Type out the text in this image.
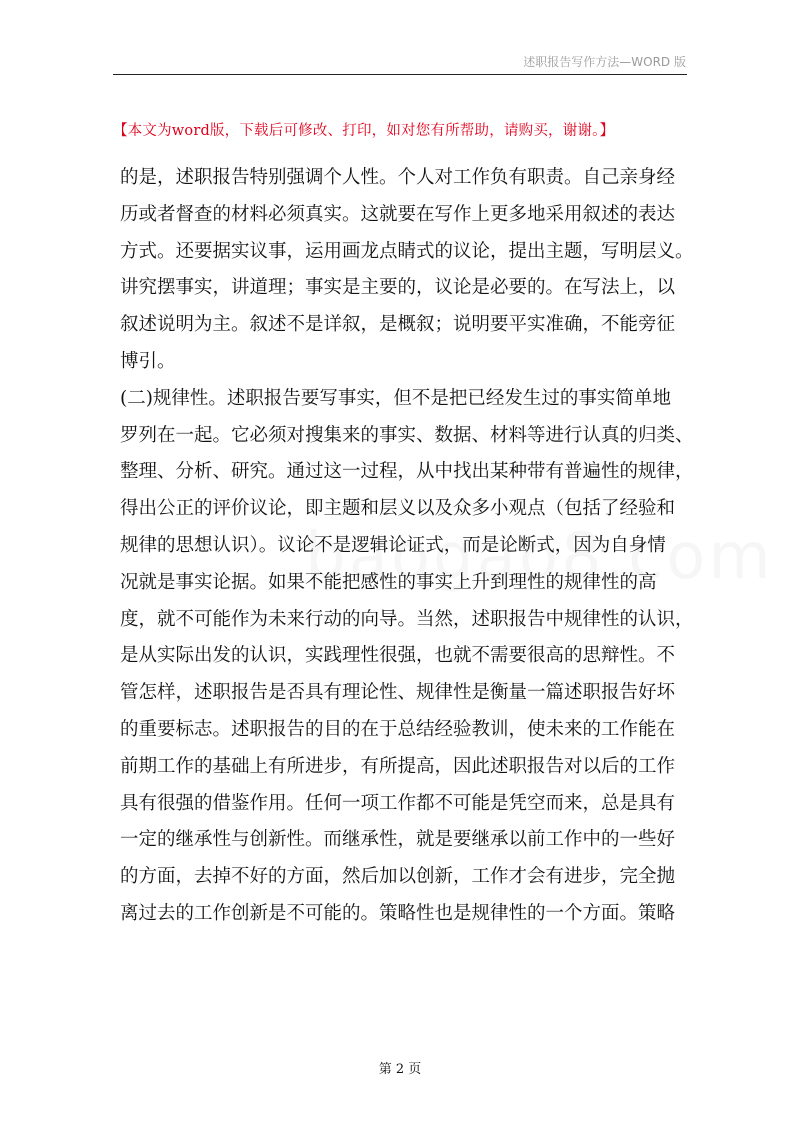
述职报告写作方法—WORD 版
【本文为word版，下载后可修改、打印，如对您有所帮助，请购买，谢谢。】
的是，述职报告特别强调个人性。个人对工作负有职责。自己亲身经
历或者督查的材料必须真实。这就要在写作上更多地采用叙述的表达
方式。还要据实议事，运用画龙点睛式的议论，提出主题，写明层义。
讲究摆事实，讲道理；事实是主要的，议论是必要的。在写法上，以
叙述说明为主。叙述不是详叙，是概叙；说明要平实准确，不能旁征
博引。
(二)规律性。述职报告要写事实，但不是把已经发生过的事实简单地
罗列在一起。它必须对搜集来的事实、数据、材料等进行认真的归类、
整理、分析、研究。通过这一过程，从中找出某种带有普遍性的规律，
得出公正的评价议论，即主题和层义以及众多小观点（包括了经验和
规律的思想认识）。议论不是逻辑论证式，而是论断式，因为自身情
况就是事实论据。如果不能把感性的事实上升到理性的规律性的高
度，就不可能作为未来行动的向导。当然，述职报告中规律性的认识，
是从实际出发的认识，实践理性很强，也就不需要很高的思辩性。不
管怎样，述职报告是否具有理论性、规律性是衡量一篇述职报告好坏
的重要标志。述职报告的目的在于总结经验教训，使未来的工作能在
前期工作的基础上有所进步，有所提高，因此述职报告对以后的工作
具有很强的借鉴作用。任何一项工作都不可能是凭空而来，总是具有
一定的继承性与创新性。而继承性，就是要继承以前工作中的一些好
的方面，去掉不好的方面，然后加以创新，工作才会有进步，完全抛
离过去的工作创新是不可能的。策略性也是规律性的一个方面。策略
第 2 页
